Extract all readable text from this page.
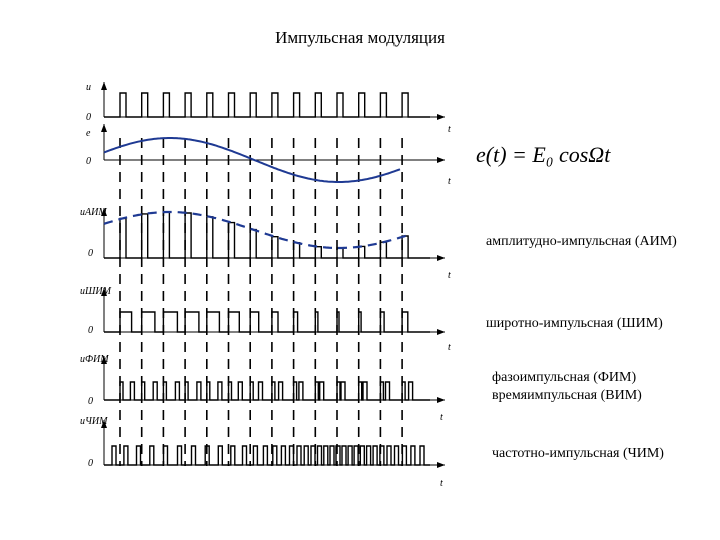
Импульсная модуляция
u
0
t
e
0
t
uАИМ
0
t
uШИМ
0
t
uФИМ
0
t
uЧИМ
0
t
e(t) = E₀ cosΩt
амплитудно-импульсная (АИМ)
широтно-импульсная (ШИМ)
фазоимпульсная (ФИМ)
времяимпульсная (ВИМ)
частотно-импульсная (ЧИМ)
